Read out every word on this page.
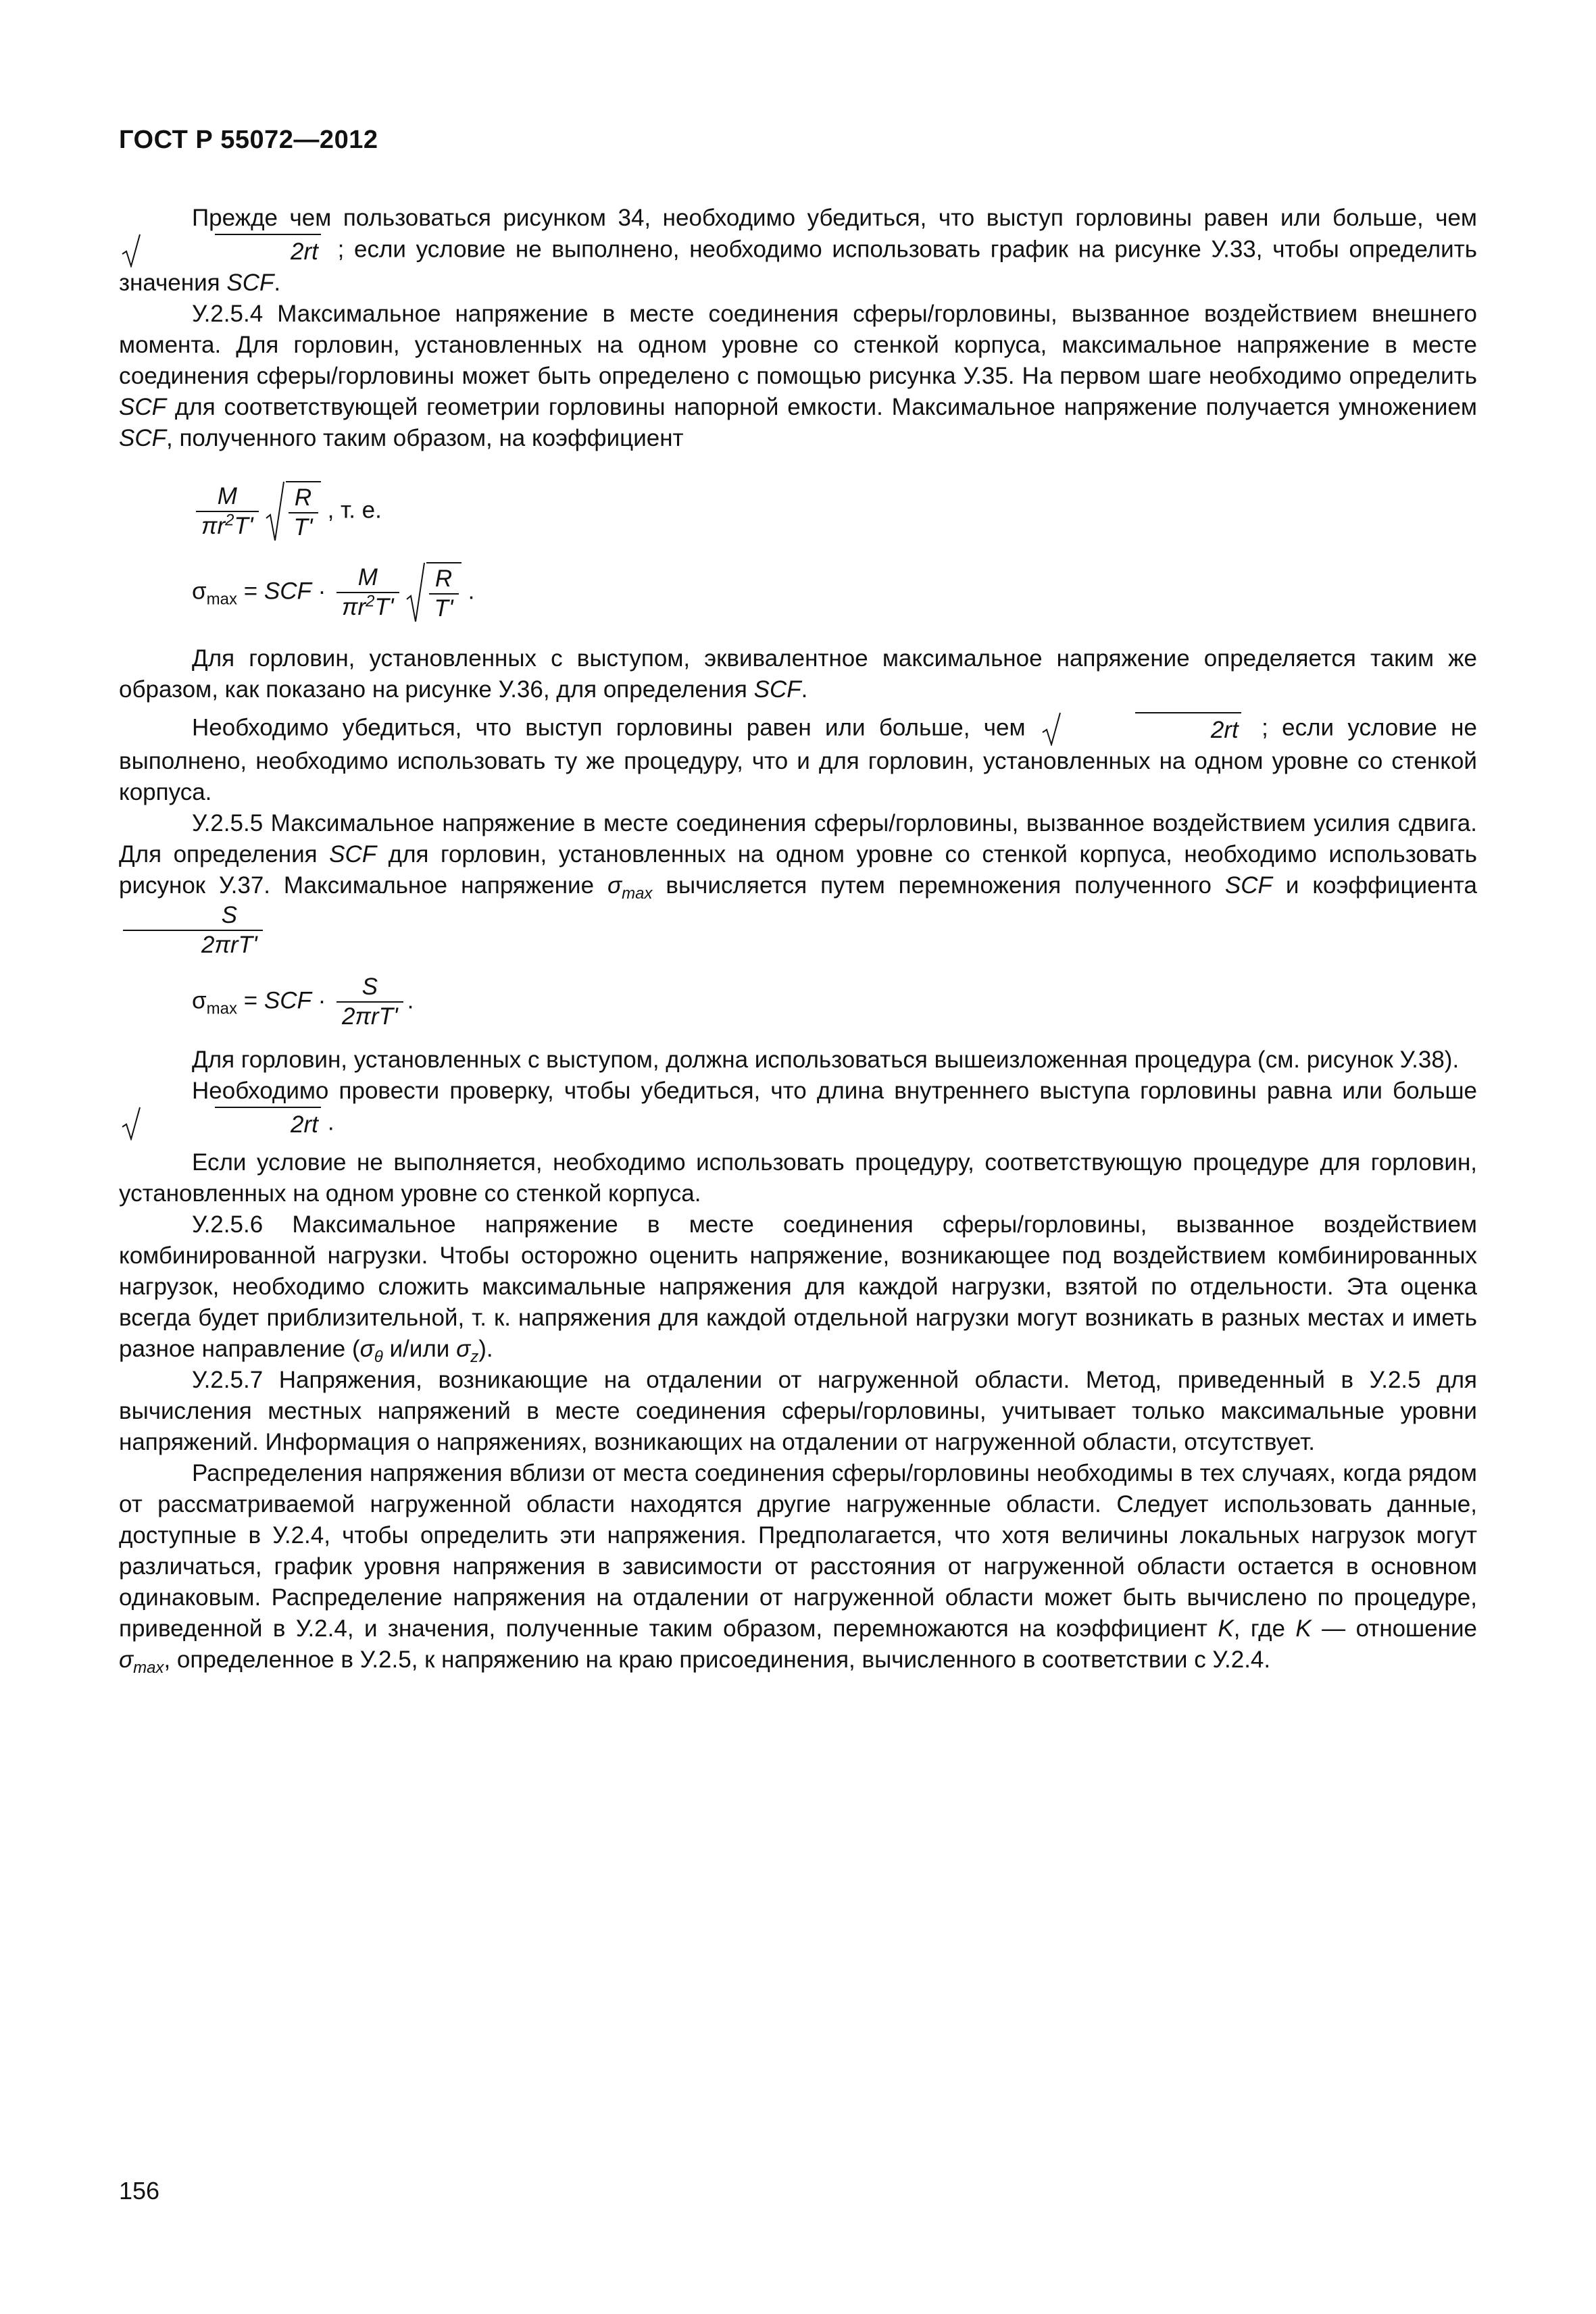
ГОСТ Р 55072—2012

Прежде чем пользоваться рисунком 34, необходимо убедиться, что выступ горловины равен или больше, чем
2rt ; если условие не выполнено, необходимо использовать график на рисунке У.33, чтобы определить значения SCF.

У.2.5.4 Максимальное напряжение в месте соединения сферы/горловины, вызванное воздействием внешнего момента. Для горловин, установленных на одном уровне со стенкой корпуса, максимальное напряжение в месте соединения сферы/горловины может быть определено с помощью рисунка У.35. На первом шаге необходимо определить SCF для соответствующей геометрии горловины напорной емкости. Максимальное напряжение получается умножением SCF, полученного таким образом, на коэффициент

$\frac{M}{\pi r^2T'} \frac{R}{T'}$ , т. е.
$\sigma_{max}$ = SCF · $\frac{M}{\pi r^2T'} \frac{R}{T'}$ .

Для горловин, установленных с выступом, эквивалентное максимальное напряжение определяется таким же образом, как показано на рисунке У.36, для определения SCF.

Необходимо убедиться, что выступ горловины равен или больше, чем	2rt ; если условие не выполнено, необходимо использовать ту же процедуру, что и для горловин, установленных на одном уровне со стенкой корпуса.

У.2.5.5 Максимальное напряжение в месте соединения сферы/горловины, вызванное воздействием усилия сдвига. Для определения SCF для горловин, установленных на одном уровне со стенкой корпуса, необходимо использовать рисунок У.37. Максимальное напряжение $\sigma_{max}$ вычисляется путем перемножения полученного SCF и коэффициента
$\frac{S}{\text{2πrT'}}$

$\sigma_{max}$ = SCF · $\frac{S}{\text{2πrT'}}$ .

Для горловин, установленных с выступом, должна использоваться вышеизложенная процедура (см. рисунок У.38).

Необходимо провести проверку, чтобы убедиться, что длина внутреннего выступа горловины равна или больше
2rt .

Если условие не выполняется, необходимо использовать процедуру, соответствующую процедуре для горловин, установленных на одном уровне со стенкой корпуса.

У.2.5.6 Максимальное напряжение в месте соединения сферы/горловины, вызванное воздействием комбинированной нагрузки. Чтобы осторожно оценить напряжение, возникающее под воздействием комбинированных нагрузок, необходимо сложить максимальные напряжения для каждой нагрузки, взятой по отдельности. Эта оценка всегда будет приблизительной, т. к. напряжения для каждой отдельной нагрузки могут возникать в разных местах и иметь разное направление ($\sigma_\theta$ и/или $\sigma_z$).

У.2.5.7 Напряжения, возникающие на отдалении от нагруженной области. Метод, приведенный в У.2.5 для вычисления местных напряжений в месте соединения сферы/горловины, учитывает только максимальные уровни напряжений. Информация о напряжениях, возникающих на отдалении от нагруженной области, отсутствует.

Распределения напряжения вблизи от места соединения сферы/горловины необходимы в тех случаях, когда рядом от рассматриваемой нагруженной области находятся другие нагруженные области. Следует использовать данные, доступные в У.2.4, чтобы определить эти напряжения. Предполагается, что хотя величины локальных нагрузок могут различаться, график уровня напряжения в зависимости от расстояния от нагруженной области остается в основном одинаковым. Распределение напряжения на отдалении от нагруженной области может быть вычислено по процедуре, приведенной в У.2.4, и значения, полученные таким образом, перемножаются на коэффициент K, где K — отношение $\sigma_{max}$, определенное в У.2.5, к напряжению на краю присоединения, вычисленного в соответствии с У.2.4.

156
